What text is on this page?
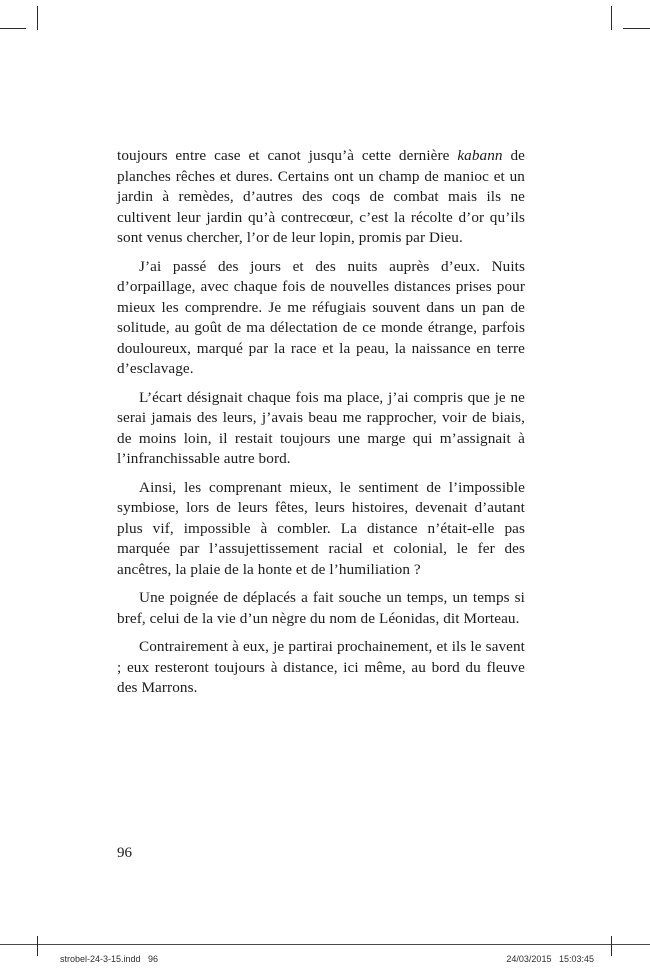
toujours entre case et canot jusqu’à cette dernière kabann de planches rêches et dures. Certains ont un champ de manioc et un jardin à remèdes, d’autres des coqs de combat mais ils ne cultivent leur jardin qu’à contrecœur, c’est la récolte d’or qu’ils sont venus chercher, l’or de leur lopin, promis par Dieu.

J’ai passé des jours et des nuits auprès d’eux. Nuits d’orpaillage, avec chaque fois de nouvelles distances prises pour mieux les comprendre. Je me réfugiais souvent dans un pan de solitude, au goût de ma délectation de ce monde étrange, parfois douloureux, marqué par la race et la peau, la naissance en terre d’esclavage.

L’écart désignait chaque fois ma place, j’ai compris que je ne serai jamais des leurs, j’avais beau me rapprocher, voir de biais, de moins loin, il restait toujours une marge qui m’assignait à l’infranchissable autre bord.

Ainsi, les comprenant mieux, le sentiment de l’impossible symbiose, lors de leurs fêtes, leurs histoires, devenait d’autant plus vif, impossible à combler. La distance n’était-elle pas marquée par l’assujettissement racial et colonial, le fer des ancêtres, la plaie de la honte et de l’humiliation ?

Une poignée de déplacés a fait souche un temps, un temps si bref, celui de la vie d’un nègre du nom de Léonidas, dit Morteau.

Contrairement à eux, je partirai prochainement, et ils le savent ; eux resteront toujours à distance, ici même, au bord du fleuve des Marrons.

96
strobel-24-3-15.indd   96	24/03/2015   15:03:45
